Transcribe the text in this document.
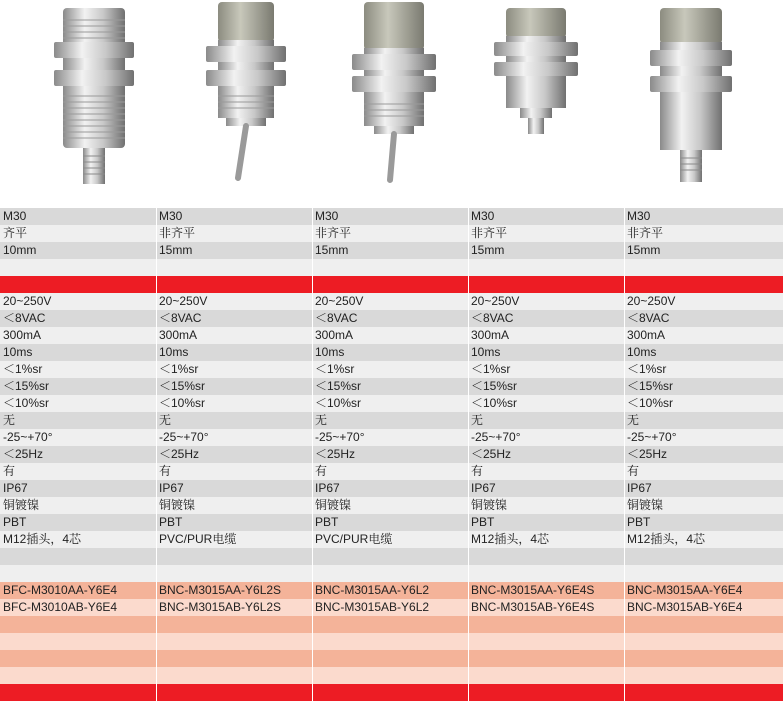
M30	M30	M30	M30	M30
齐平	非齐平	非齐平	非齐平	非齐平
10mm	15mm	15mm	15mm	15mm
20~250V	20~250V	20~250V	20~250V	20~250V
＜8VAC	＜8VAC	＜8VAC	＜8VAC	＜8VAC
300mA	300mA	300mA	300mA	300mA
10ms	10ms	10ms	10ms	10ms
＜1%sr	＜1%sr	＜1%sr	＜1%sr	＜1%sr
＜15%sr	＜15%sr	＜15%sr	＜15%sr	＜15%sr
＜10%sr	＜10%sr	＜10%sr	＜10%sr	＜10%sr
无	无	无	无	无
-25~+70°	-25~+70°	-25~+70°	-25~+70°	-25~+70°
＜25Hz	＜25Hz	＜25Hz	＜25Hz	＜25Hz
有	有	有	有	有
IP67	IP67	IP67	IP67	IP67
铜镀镍	铜镀镍	铜镀镍	铜镀镍	铜镀镍
PBT	PBT	PBT	PBT	PBT
M12插头，4芯	PVC/PUR电缆	PVC/PUR电缆	M12插头，4芯	M12插头，4芯
BFC-M3010AA-Y6E4	BNC-M3015AA-Y6L2S	BNC-M3015AA-Y6L2	BNC-M3015AA-Y6E4S	BNC-M3015AA-Y6E4
BFC-M3010AB-Y6E4	BNC-M3015AB-Y6L2S	BNC-M3015AB-Y6L2	BNC-M3015AB-Y6E4S	BNC-M3015AB-Y6E4
